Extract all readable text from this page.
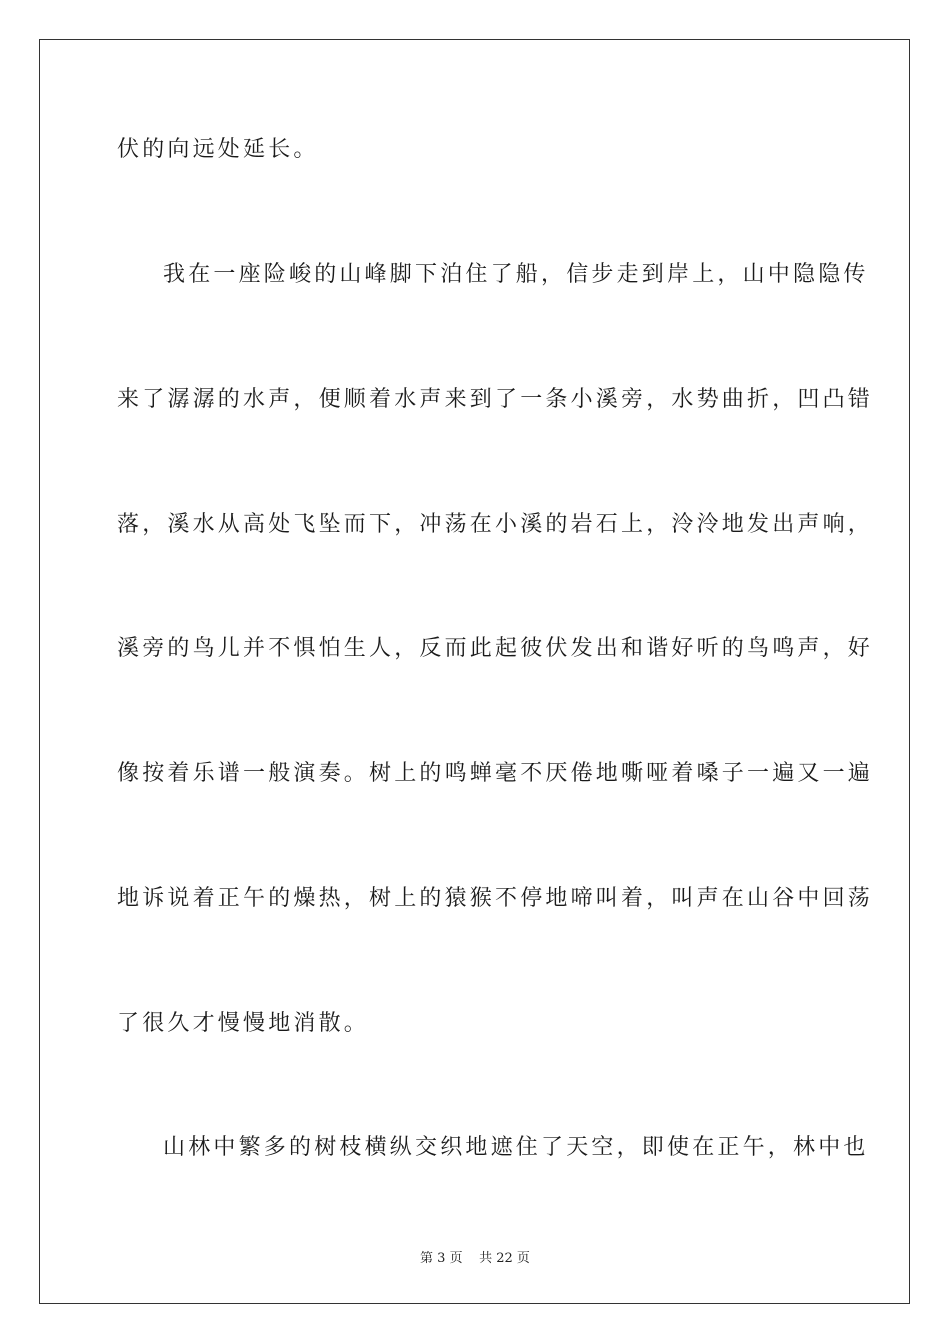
伏的向远处延长。
我在一座险峻的山峰脚下泊住了船，信步走到岸上，山中隐隐传
来了潺潺的水声，便顺着水声来到了一条小溪旁，水势曲折，凹凸错
落，溪水从高处飞坠而下，冲荡在小溪的岩石上，泠泠地发出声响，
溪旁的鸟儿并不惧怕生人，反而此起彼伏发出和谐好听的鸟鸣声，好
像按着乐谱一般演奏。树上的鸣蝉毫不厌倦地嘶哑着嗓子一遍又一遍
地诉说着正午的燥热，树上的猿猴不停地啼叫着，叫声在山谷中回荡
了很久才慢慢地消散。
山林中繁多的树枝横纵交织地遮住了天空，即使在正午，林中也
第 3 页 共 22 页
